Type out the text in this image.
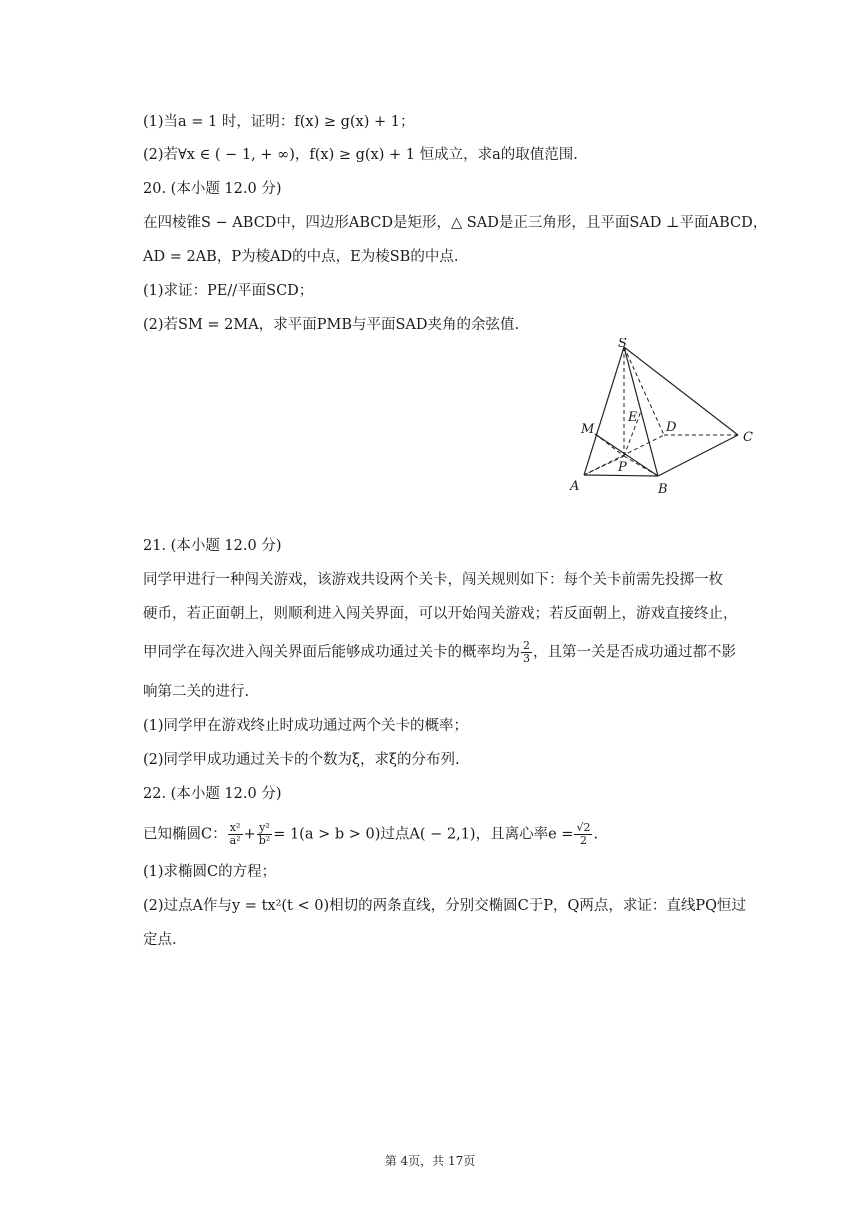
(1)当a = 1 时，证明：f(x) ≥ g(x) + 1；
(2)若∀x ∈ ( − 1, + ∞)，f(x) ≥ g(x) + 1 恒成立，求a的取值范围.
20. (本小题 12.0 分)
在四棱锥S − ABCD中，四边形ABCD是矩形，△ SAD是正三角形，且平面SAD ⊥平面ABCD，
AD = 2AB，P为棱AD的中点，E为棱SB的中点.
(1)求证：PE//平面SCD；
(2)若SM = 2MA，求平面PMB与平面SAD夹角的余弦值.
S
M
E
D
C
P
A	B
21. (本小题 12.0 分)
同学甲进行一种闯关游戏，该游戏共设两个关卡，闯关规则如下：每个关卡前需先投掷一枚
硬币，若正面朝上，则顺利进入闯关界面，可以开始闯关游戏；若反面朝上，游戏直接终止，
甲同学在每次进入闯关界面后能够成功通过关卡的概率均为 $\frac{2}{3}$ ，且第一关是否成功通过都不影
响第二关的进行.
(1)同学甲在游戏终止时成功通过两个关卡的概率；
(2)同学甲成功通过关卡的个数为ξ，求ξ的分布列.
22. (本小题 12.0 分)
已知椭圆C： $\frac{\text{x²}}{\text{a²}} + \frac{\text{y²}}{\text{b²}} = 1(a > b > 0)$过点A( − 2,1)，且离心率$e = \frac{√2}{2}$ .
(1)求椭圆C的方程；
(2)过点A作与y = tx²(t < 0)相切的两条直线，分别交椭圆C于P，Q两点，求证：直线PQ恒过
定点.
第 4页，共 17页
